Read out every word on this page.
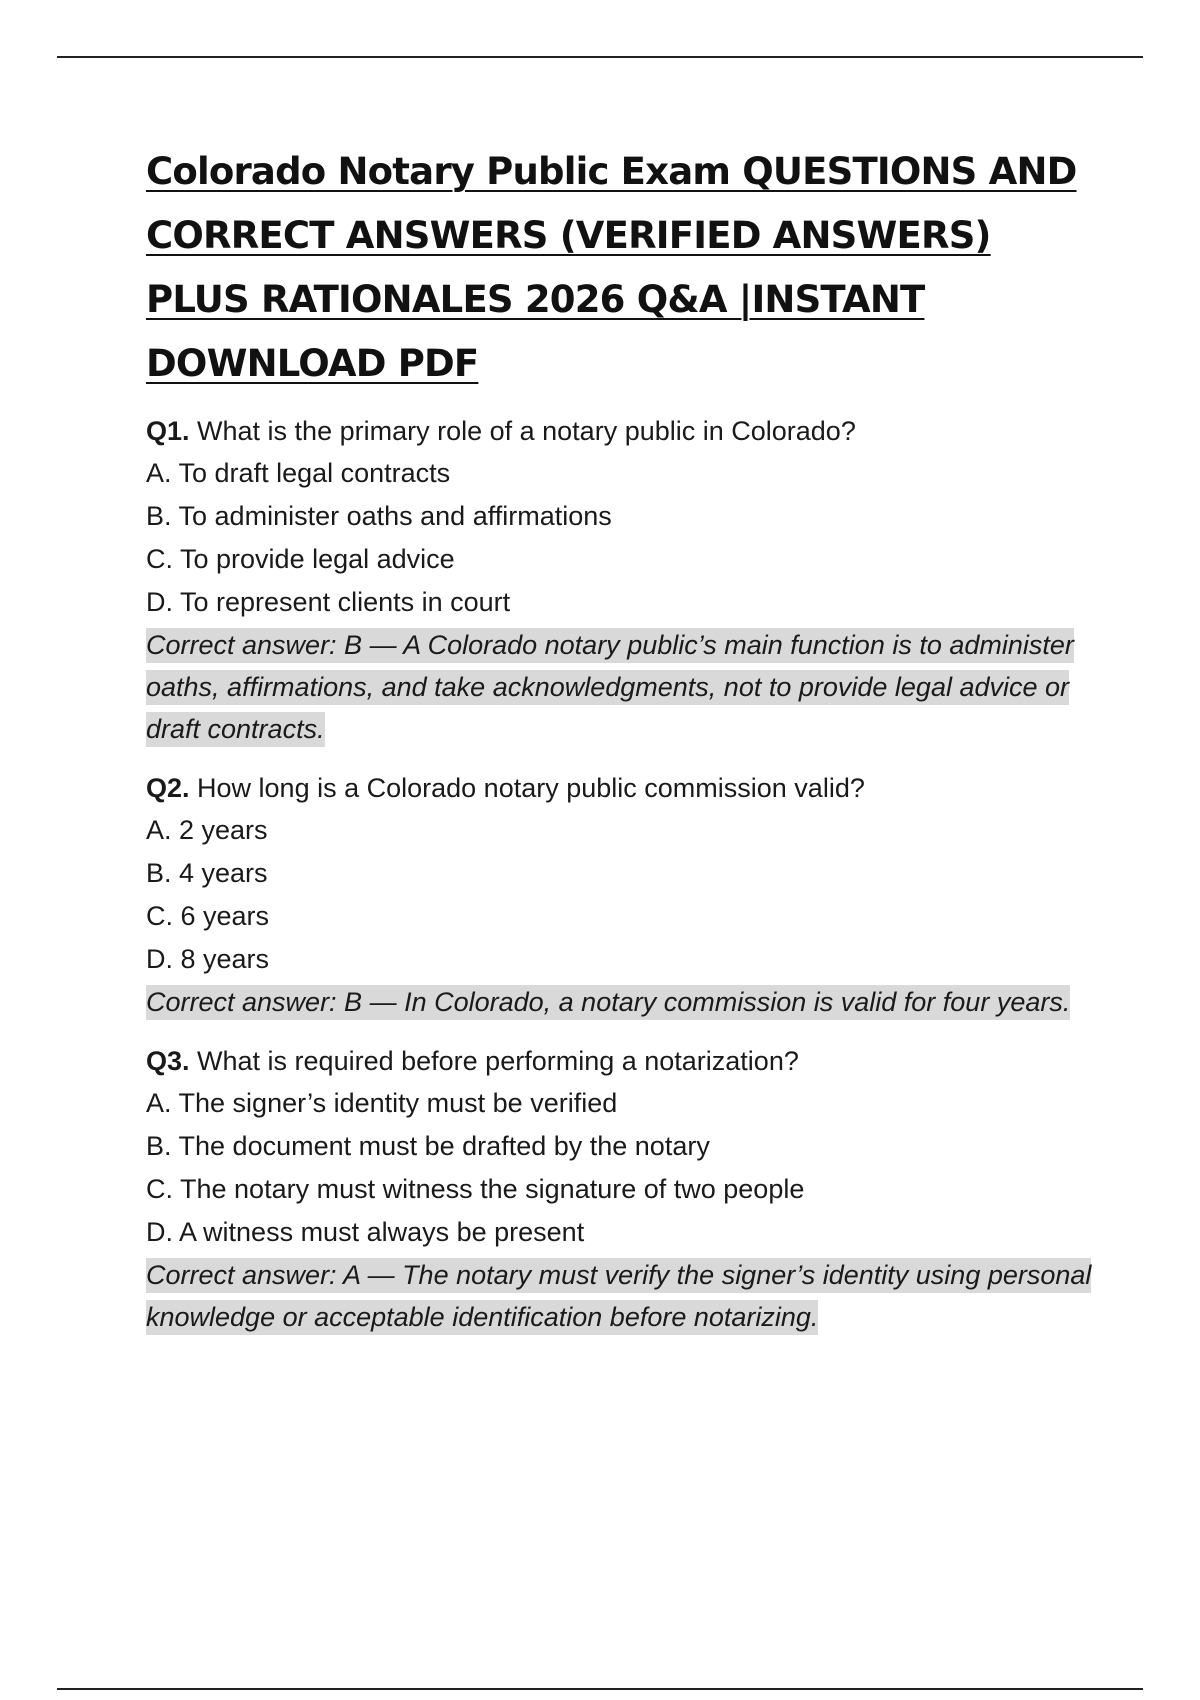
Colorado Notary Public Exam QUESTIONS AND CORRECT ANSWERS (VERIFIED ANSWERS) PLUS RATIONALES 2026 Q&A |INSTANT DOWNLOAD PDF

Q1. What is the primary role of a notary public in Colorado?

A. To draft legal contracts

B. To administer oaths and affirmations

C. To provide legal advice

D. To represent clients in court

Correct answer: B — A Colorado notary public’s main function is to administer oaths, affirmations, and take acknowledgments, not to provide legal advice or draft contracts.

Q2. How long is a Colorado notary public commission valid?

A. 2 years

B. 4 years

C. 6 years

D. 8 years

Correct answer: B — In Colorado, a notary commission is valid for four years.

Q3. What is required before performing a notarization?

A. The signer’s identity must be verified

B. The document must be drafted by the notary

C. The notary must witness the signature of two people

D. A witness must always be present

Correct answer: A — The notary must verify the signer’s identity using personal knowledge or acceptable identification before notarizing.
